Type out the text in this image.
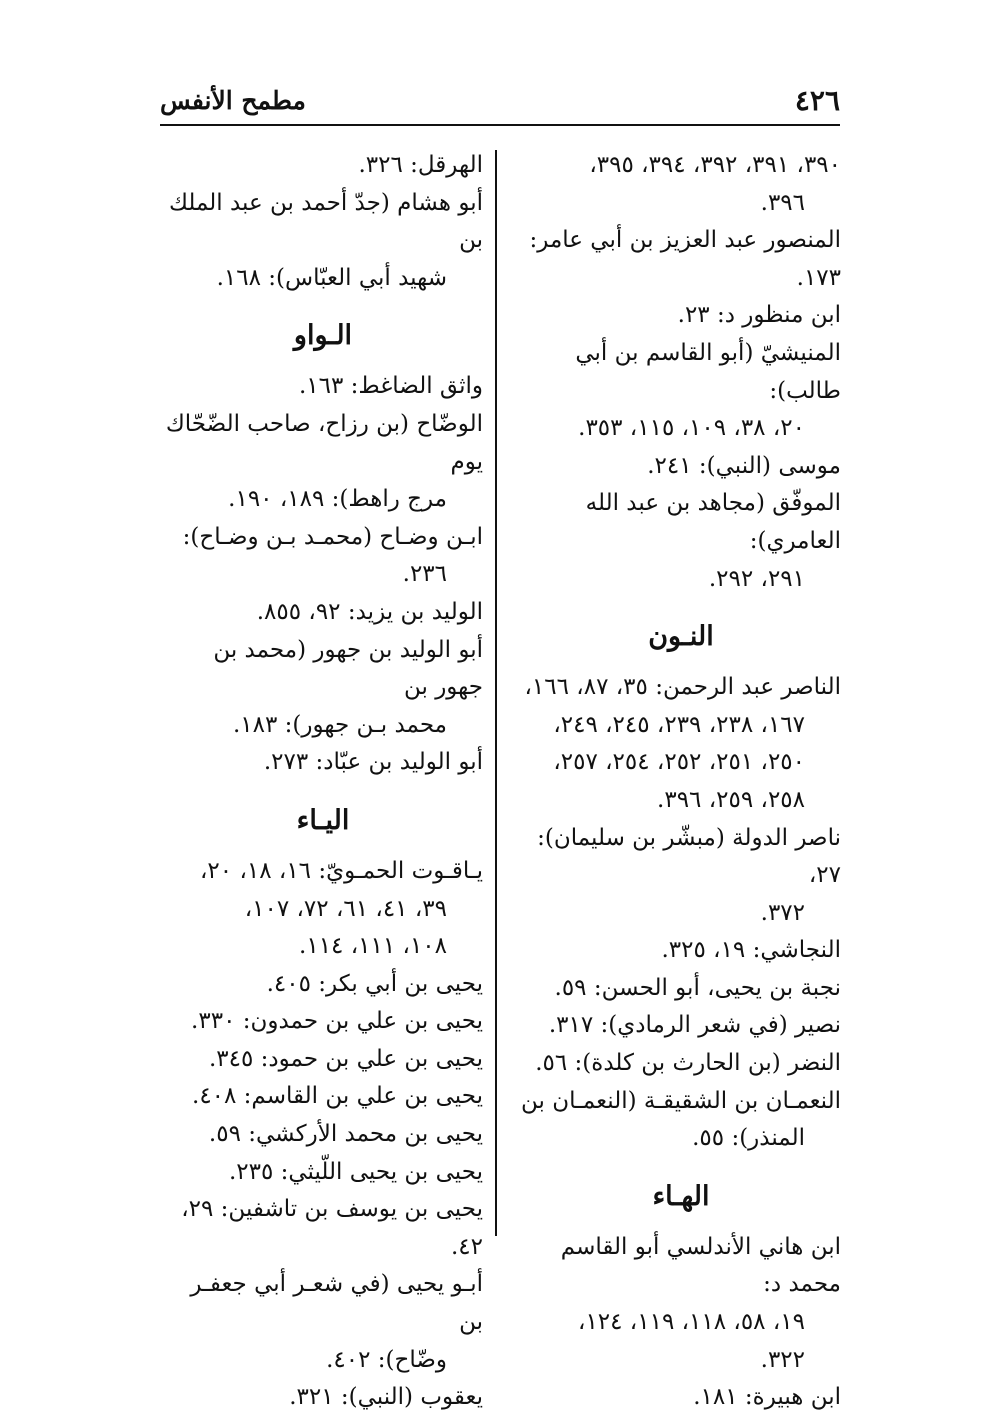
٤٢٦
مطمح الأنفس
٣٩٠، ٣٩١، ٣٩٢، ٣٩٤، ٣٩٥،
٣٩٦.
المنصور عبد العزيز بن أبي عامر: ١٧٣.
ابن منظور د: ٢٣.
المنيشيّ (أبو القاسم بن أبي طالب):
٢٠، ٣٨، ١٠٩، ١١٥، ٣٥٣.
موسى (النبي): ٢٤١.
الموفّق (مجاهد بن عبد الله العامري):
٢٩١، ٢٩٢.
النـون
الناصر عبد الرحمن: ٣٥، ٨٧، ١٦٦،
١٦٧، ٢٣٨، ٢٣٩، ٢٤٥، ٢٤٩،
٢٥٠، ٢٥١، ٢٥٢، ٢٥٤، ٢٥٧،
٢٥٨، ٢٥٩، ٣٩٦.
ناصر الدولة (مبشّر بن سليمان): ٢٧،
٣٧٢.
النجاشي: ١٩، ٣٢٥.
نجبة بن يحيى، أبو الحسن: ٥٩.
نصير (في شعر الرمادي): ٣١٧.
النضر (بن الحارث بن كلدة): ٥٦.
النعمـان بن الشقيقـة (النعمـان بن
المنذر): ٥٥.
الهـاء
ابن هاني الأندلسي أبو القاسم محمد د:
١٩، ٥٨، ١١٨، ١١٩، ١٢٤،
٣٢٢.
ابن هبيرة: ١٨١.
الهرقل: ٣٢٦.
أبو هشام (جدّ أحمد بن عبد الملك بن
شهيد أبي العبّاس): ١٦٨.
الـواو
واثق الضاغط: ١٦٣.
الوضّاح (بن رزاح، صاحب الضّحّاك يوم
مرج راهط): ١٨٩، ١٩٠.
ابـن وضـاح (محمـد بـن وضـاح):
٢٣٦.
الوليد بن يزيد: ٩٢، ٨٥٥.
أبو الوليد بن جهور (محمد بن جهور بن
محمد بـن جهور): ١٨٣.
أبو الوليد بن عبّاد: ٢٧٣.
اليـاء
يـاقـوت الحمـويّ: ١٦، ١٨، ٢٠،
٣٩، ٤١، ٦١، ٧٢، ١٠٧،
١٠٨، ١١١، ١١٤.
يحيى بن أبي بكر: ٤٠٥.
يحيى بن علي بن حمدون: ٣٣٠.
يحيى بن علي بن حمود: ٣٤٥.
يحيى بن علي بن القاسم: ٤٠٨.
يحيى بن محمد الأركشي: ٥٩.
يحيى بن يحيى اللّيثي: ٢٣٥.
يحيى بن يوسف بن تاشفين: ٢٩، ٤٢.
أبـو يحيى (في شعـر أبي جعفـر بن
وضّاح): ٤٠٢.
يعقوب (النبي): ٣٢١.
